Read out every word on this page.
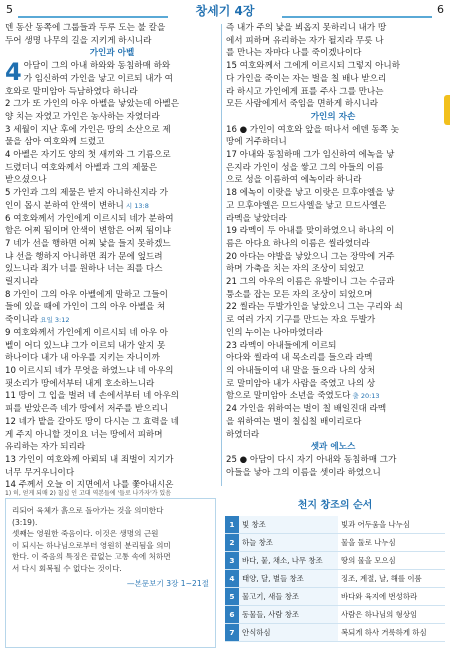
5	창세기 4장	6
덴 동산 동쪽에 그룹들과 두루 도는 불 칼을
두어 생명 나무의 길을 지키게 하시니라
가인과 아벨
4 아담이 그의 아내 하와와 동침하매 하와
가 임신하여 가인을 낳고 이르되 내가 여
호와로 말미암아 득남하였다 하니라
2 그가 또 가인의 아우 아벨을 낳았는데 아벨은
양 치는 자였고 가인은 농사하는 자였더라
3 세월이 지난 후에 가인은 땅의 소산으로 제
물을 삼아 여호와께 드렸고
4 아벨은 자기도 양의 첫 새끼와 그 기름으로
드렸더니 여호와께서 아벨과 그의 제물은
받으셨으나
5 가인과 그의 제물은 받지 아니하신지라 가
인이 몹시 분하여 안색이 변하니 시 13:8
6 여호와께서 가인에게 이르시되 네가 분하여
함은 어찌 됨이며 안색이 변함은 어찌 됨이냐
7 네가 선을 행하면 어찌 낯을 들지 못하겠느
냐 선을 행하지 아니하면 죄가 문에 엎드려
있느니라 죄가 너를 원하나 너는 죄를 다스
릴지니라
8 가인이 그의 아우 아벨에게 말하고 그들이
들에 있을 때에 가인이 그의 아우 아벨을 쳐
죽이니라 요일 3:12
9 여호와께서 가인에게 이르시되 네 아우 아
벨이 어디 있느냐 그가 이르되 내가 알지 못
하나이다 내가 내 아우를 지키는 자니이까
10 이르시되 네가 무엇을 하였느냐 네 아우의
핏소리가 땅에서부터 내게 호소하느니라
11 땅이 그 입을 벌려 네 손에서부터 네 아우의
피를 받았은즉 네가 땅에서 저주를 받으리니
12 네가 밭을 갈아도 땅이 다시는 그 효력을 네
게 주지 아니할 것이요 너는 땅에서 피하며
유리하는 자가 되리라
13 가인이 여호와께 아뢰되 내 죄벌이 지기가
너무 무거우니이다
14 주께서 오늘 이 지면에서 나를 쫓아내시온
즉 내가 주의 낯을 뵈옵지 못하리니 내가 땅
에서 피하며 유리하는 자가 될지라 무릇 나
를 만나는 자마다 나를 죽이겠나이다
15 여호와께서 그에게 이르시되 그렇지 아니하
다 가인을 죽이는 자는 벌을 칠 배나 받으리
라 하시고 가인에게 표를 주사 그를 만나는
모든 사람에게서 죽임을 면하게 하시니라
가인의 자손
16 ● 가인이 여호와 앞을 떠나서 에덴 동쪽 놋
땅에 거주하더니
17 아내와 동침하매 그가 임신하여 에녹을 낳
은지라 가인이 성을 쌓고 그의 아들의 이름
으로 성을 이름하여 에녹이라 하니라
18 에녹이 이랏을 낳고 이랏은 므후야엘을 낳
고 므후야엘은 므드사엘을 낳고 므드사엘은
라멕을 낳았더라
19 라멕이 두 아내를 맞이하였으니 하나의 이
름은 아다요 하나의 이름은 씰라였더라
20 아다는 야발을 낳았으니 그는 장막에 거주
하며 가축을 치는 자의 조상이 되었고
21 그의 아우의 이름은 유발이니 그는 수금과
퉁소를 잡는 모든 자의 조상이 되었으며
22 씰라는 두발가인을 낳았으니 그는 구리와 쇠
로 여러 가지 기구를 만드는 자요 두발가
인의 누이는 나아마였더라
23 라멕이 아내들에게 이르되
아다와 씰라여 내 목소리를 들으라 라멕
의 아내들이여 내 말을 들으라 나의 상처
로 말미암아 내가 사람을 죽였고 나의 상
함으로 말미암아 소년을 죽였도다 출 20:13
24 가인을 위하여는 벌이 칠 배일진대 라멕
을 위하여는 벌이 칠십칠 배이리로다
하였더라
셋과 에노스
25 ● 아담이 다시 자기 아내와 동침하매 그가
아들을 낳아 그의 이름을 셋이라 하였으니
1) 히, 얻게 되매 2) 칠십 인 고대 역본들에 '들로 나가자'가 있음
리되어 육체가 흙으로 돌아가는 것을 의미한다
(3:19).
셋째는 영원한 죽음이다. 이것은 생명의 근원
이 되시는 하나님으로부터 영원히 분리됨을 의미
한다. 이 죽음의 특징은 끝없는 고통 속에 처하면
서 다시 회복될 수 없다는 것이다.
—본문보기 3장 1~21절
천지 창조의 순서
1	빛 창조	빛과 어두움을 나누심
2	하늘 창조	물을 둘로 나누심
3	바다, 뭍, 채소, 나무 창조	땅의 물을 모으심
4	태양, 달, 별들 창조	징조, 계절, 날, 해를 이룸
5	물고기, 새들 창조	바다와 육지에 번성하라
6	동물들, 사람 창조	사람은 하나님의 형상임
7	안식하심	복되게 하사 거룩하게 하심
